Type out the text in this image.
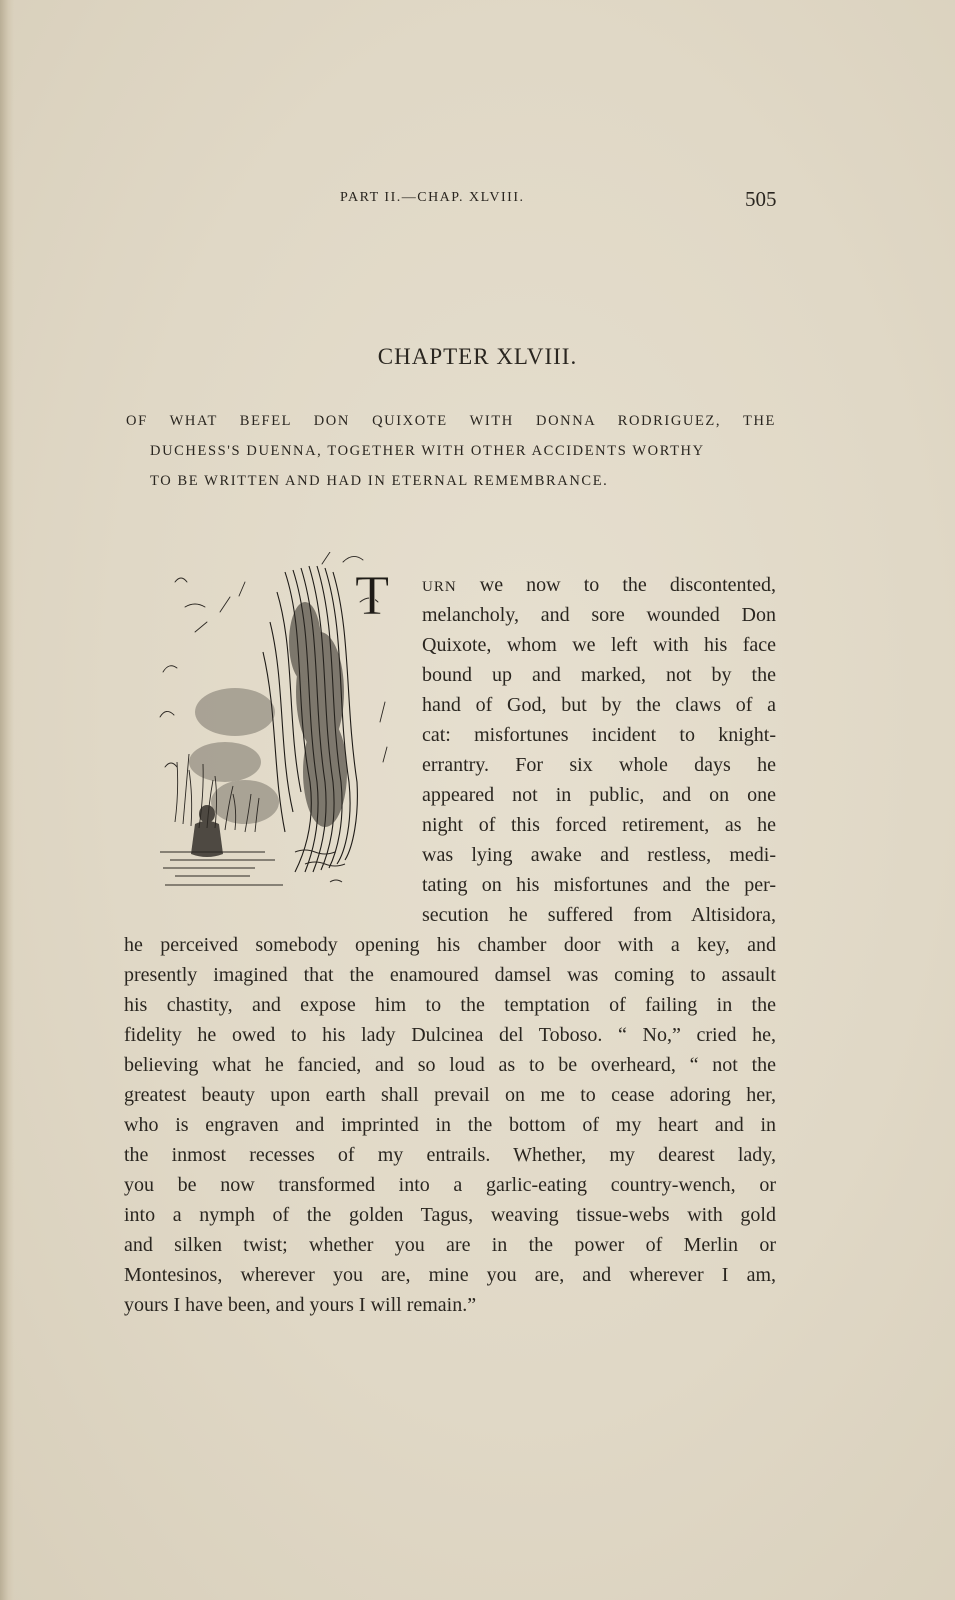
PART II.—CHAP. XLVIII.	505
CHAPTER XLVIII.
OF WHAT BEFEL DON QUIXOTE WITH DONNA RODRIGUEZ, THE
DUCHESS'S DUENNA, TOGETHER WITH OTHER ACCIDENTS WORTHY
TO BE WRITTEN AND HAD IN ETERNAL REMEMBRANCE.
T URN we now to the discontented,
melancholy, and sore wounded Don
Quixote, whom we left with his face
bound up and marked, not by the
hand of God, but by the claws of a
cat: misfortunes incident to knight-
errantry. For six whole days he
appeared not in public, and on one
night of this forced retirement, as he
was lying awake and restless, medi-
tating on his misfortunes and the per-
secution he suffered from Altisidora,
he perceived somebody opening his chamber door with a key, and
presently imagined that the enamoured damsel was coming to assault
his chastity, and expose him to the temptation of failing in the
fidelity he owed to his lady Dulcinea del Toboso. “ No,” cried he,
believing what he fancied, and so loud as to be overheard, “ not the
greatest beauty upon earth shall prevail on me to cease adoring her,
who is engraven and imprinted in the bottom of my heart and in
the inmost recesses of my entrails. Whether, my dearest lady,
you be now transformed into a garlic-eating country-wench, or
into a nymph of the golden Tagus, weaving tissue-webs with gold
and silken twist; whether you are in the power of Merlin or
Montesinos, wherever you are, mine you are, and wherever I am,
yours I have been, and yours I will remain.”
